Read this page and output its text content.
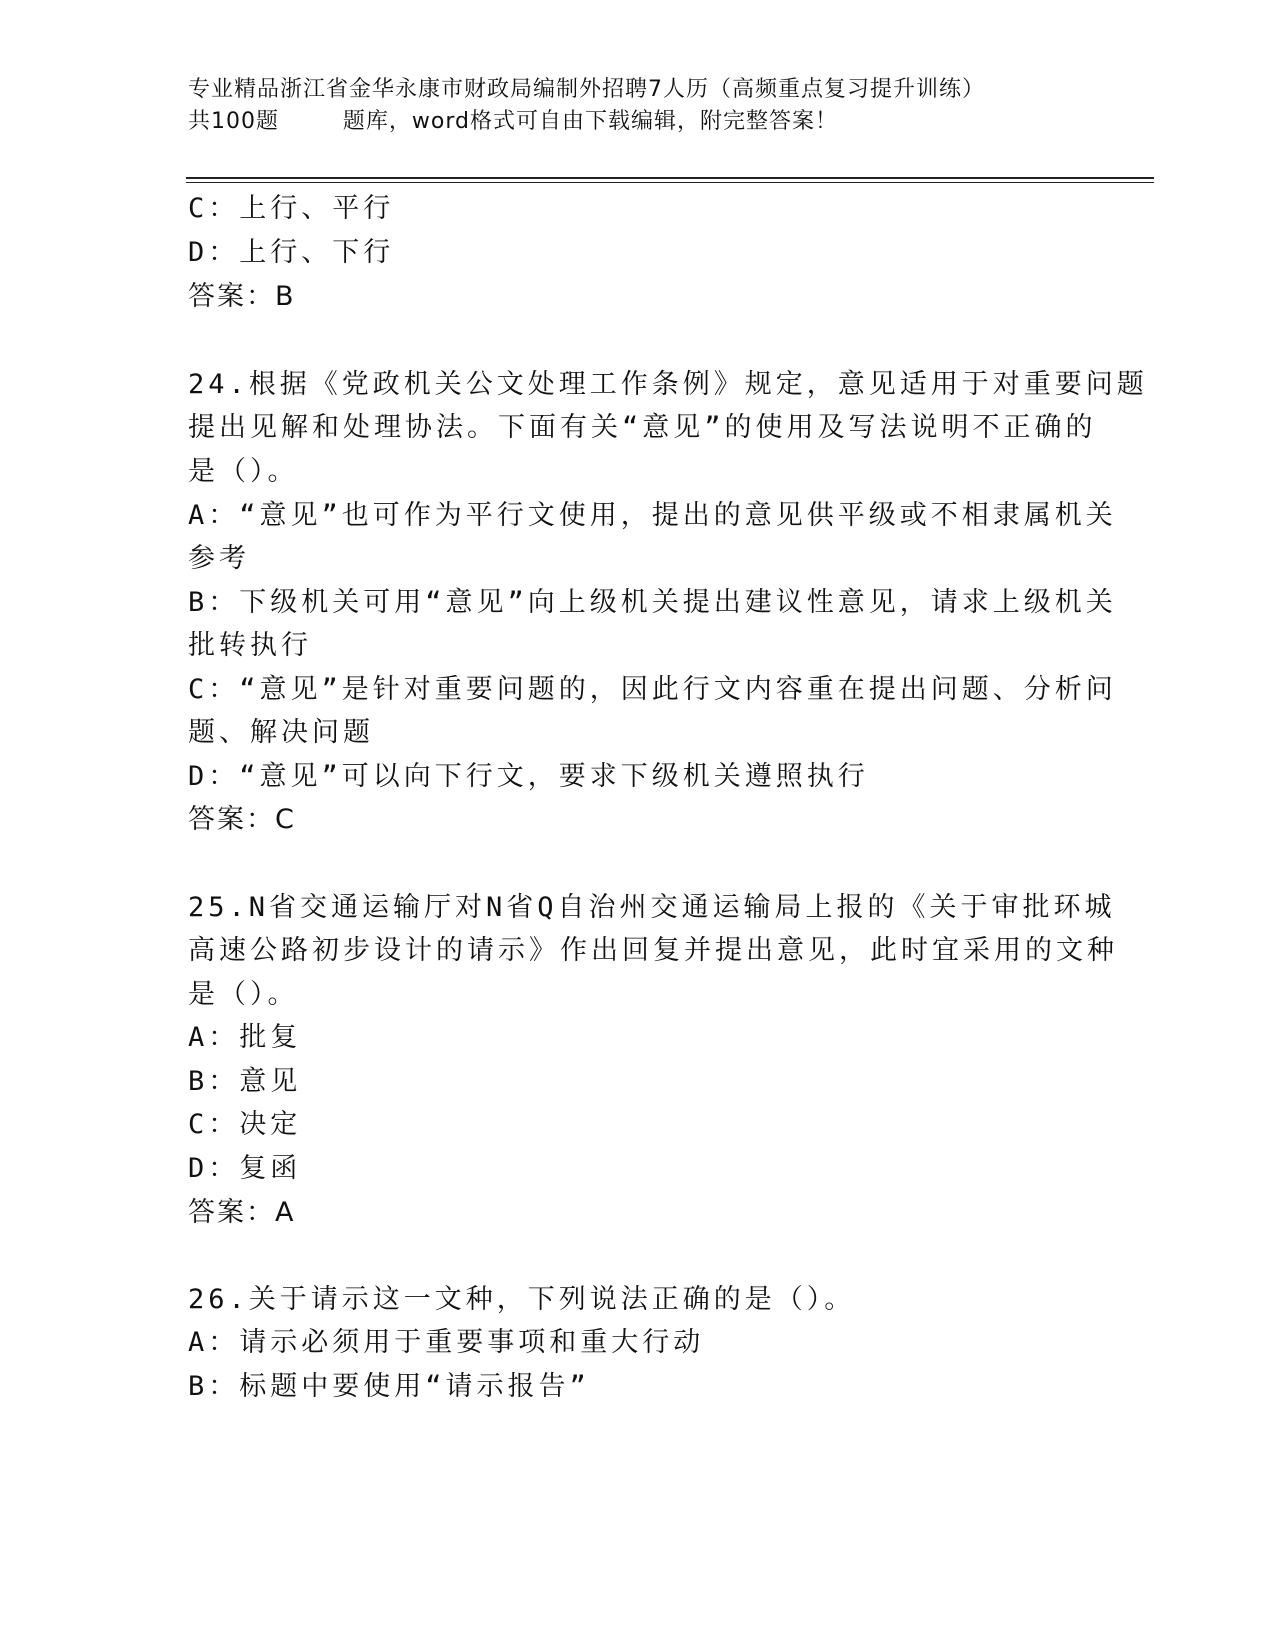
专业精品浙江省金华永康市财政局编制外招聘7人历（高频重点复习提升训练）
共100题        题库，word格式可自由下载编辑，附完整答案！
C：上行、平行
D：上行、下行
答案：B
24.根据《党政机关公文处理工作条例》规定，意见适用于对重要问题
提出见解和处理协法。下面有关“意见”的使用及写法说明不正确的
是（）。
A：“意见”也可作为平行文使用，提出的意见供平级或不相隶属机关
参考
B：下级机关可用“意见”向上级机关提出建议性意见，请求上级机关
批转执行
C：“意见”是针对重要问题的，因此行文内容重在提出问题、分析问
题、解决问题
D：“意见”可以向下行文，要求下级机关遵照执行
答案：C
25.N省交通运输厅对N省Q自治州交通运输局上报的《关于审批环城
高速公路初步设计的请示》作出回复并提出意见，此时宜采用的文种
是（）。
A：批复
B：意见
C：决定
D：复函
答案：A
26.关于请示这一文种，下列说法正确的是（）。
A：请示必须用于重要事项和重大行动
B：标题中要使用“请示报告”
